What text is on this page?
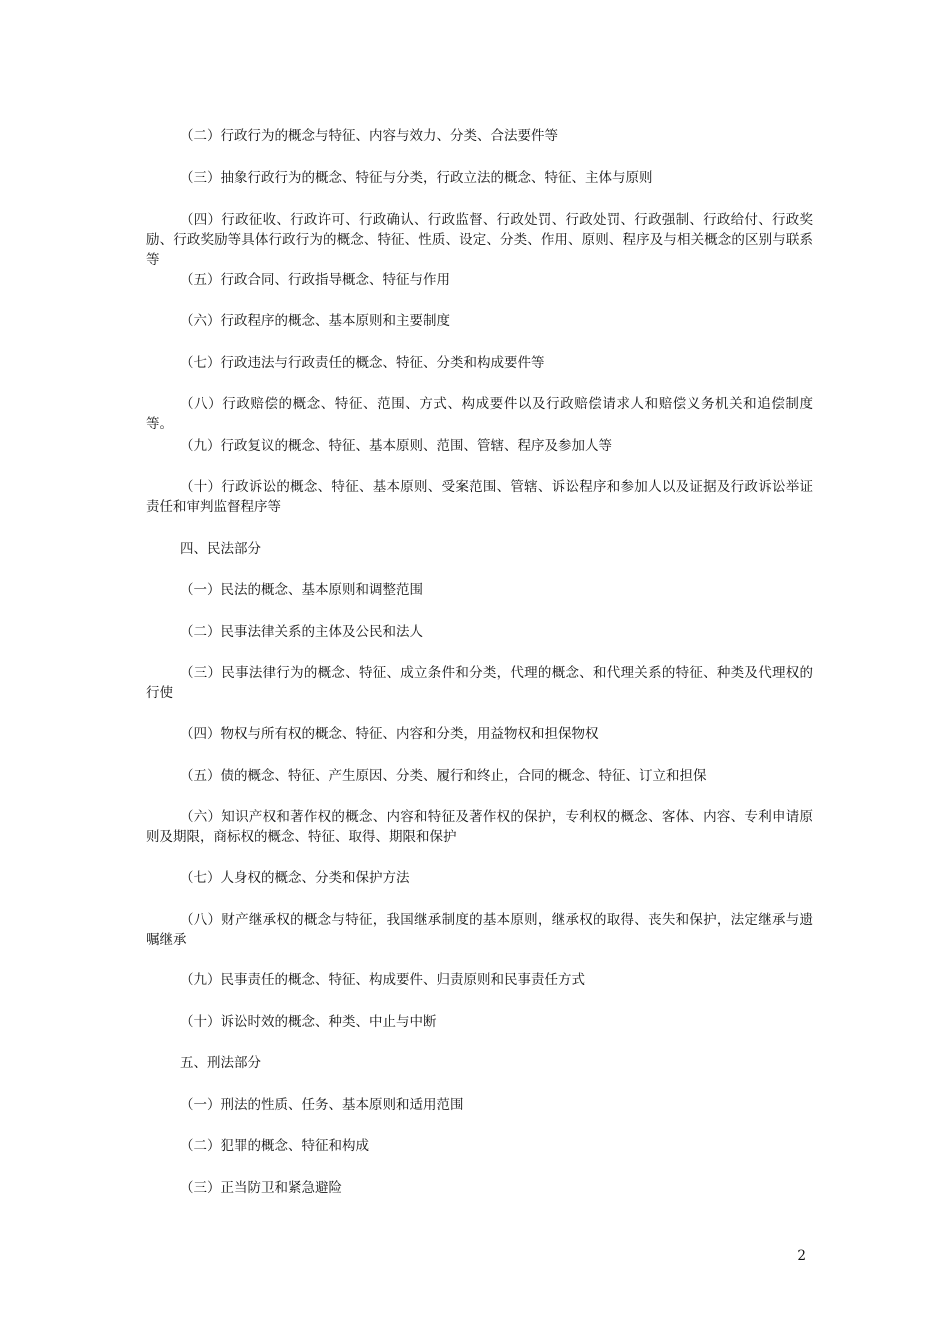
（二）行政行为的概念与特征、内容与效力、分类、合法要件等

（三）抽象行政行为的概念、特征与分类，行政立法的概念、特征、主体与原则

（四）行政征收、行政许可、行政确认、行政监督、行政处罚、行政处罚、行政强制、行政给付、行政奖励、行政奖励等具体行政行为的概念、特征、性质、设定、分类、作用、原则、程序及与相关概念的区别与联系等

（五）行政合同、行政指导概念、特征与作用

（六）行政程序的概念、基本原则和主要制度

（七）行政违法与行政责任的概念、特征、分类和构成要件等

（八）行政赔偿的概念、特征、范围、方式、构成要件以及行政赔偿请求人和赔偿义务机关和追偿制度等。

（九）行政复议的概念、特征、基本原则、范围、管辖、程序及参加人等

（十）行政诉讼的概念、特征、基本原则、受案范围、管辖、诉讼程序和参加人以及证据及行政诉讼举证责任和审判监督程序等

四、民法部分

（一）民法的概念、基本原则和调整范围

（二）民事法律关系的主体及公民和法人

（三）民事法律行为的概念、特征、成立条件和分类，代理的概念、和代理关系的特征、种类及代理权的行使

（四）物权与所有权的概念、特征、内容和分类，用益物权和担保物权

（五）债的概念、特征、产生原因、分类、履行和终止，合同的概念、特征、订立和担保

（六）知识产权和著作权的概念、内容和特征及著作权的保护，专利权的概念、客体、内容、专利申请原则及期限，商标权的概念、特征、取得、期限和保护

（七）人身权的概念、分类和保护方法

（八）财产继承权的概念与特征，我国继承制度的基本原则，继承权的取得、丧失和保护，法定继承与遗嘱继承

（九）民事责任的概念、特征、构成要件、归责原则和民事责任方式

（十）诉讼时效的概念、种类、中止与中断

五、刑法部分

（一）刑法的性质、任务、基本原则和适用范围

（二）犯罪的概念、特征和构成

（三）正当防卫和紧急避险

2
